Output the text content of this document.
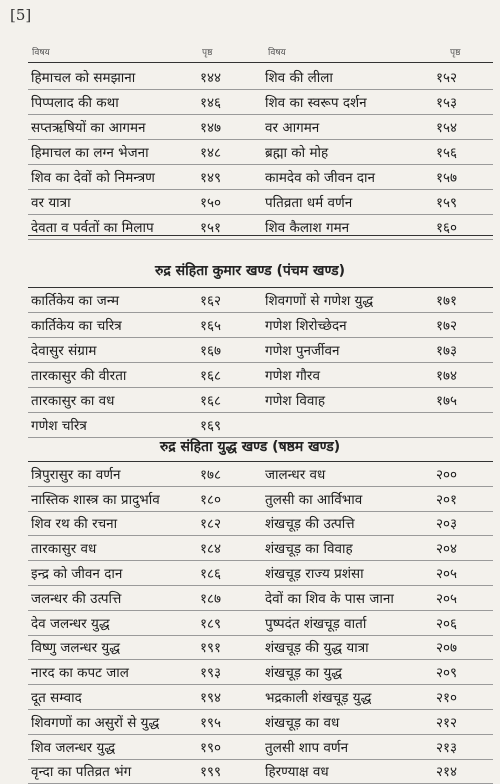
[5]
विषय	पृष्ठ	विषय	पृष्ठ
हिमाचल को समझाना	१४४	शिव की लीला	१५२
पिप्पलाद की कथा	१४६	शिव का स्वरूप दर्शन	१५३
सप्तऋषियों का आगमन	१४७	वर आगमन	१५४
हिमाचल का लग्न भेजना	१४८	ब्रह्मा को मोह	१५६
शिव का देवों को निमन्त्रण	१४९	कामदेव को जीवन दान	१५७
वर यात्रा	१५०	पतिव्रता धर्म वर्णन	१५९
देवता व पर्वतों का मिलाप	१५१	शिव कैलाश गमन	१६०
रुद्र संहिता कुमार खण्ड (पंचम खण्ड)
कार्तिकेय का जन्म	१६२	शिवगणों से गणेश युद्ध	१७१
कार्तिकेय का चरित्र	१६५	गणेश शिरोच्छेदन	१७२
देवासुर संग्राम	१६७	गणेश पुनर्जीवन	१७३
तारकासुर की वीरता	१६८	गणेश गौरव	१७४
तारकासुर का वध	१६८	गणेश विवाह	१७५
गणेश चरित्र	१६९
रुद्र संहिता युद्ध खण्ड (षष्ठम खण्ड)
त्रिपुरासुर का वर्णन	१७८	जालन्धर वध	२००
नास्तिक शास्त्र का प्रादुर्भाव	१८०	तुलसी का आर्विभाव	२०१
शिव रथ की रचना	१८२	शंखचूड़ की उत्पत्ति	२०३
तारकासुर वध	१८४	शंखचूड़ का विवाह	२०४
इन्द्र को जीवन दान	१८६	शंखचूड़ राज्य प्रशंसा	२०५
जलन्धर की उत्पत्ति	१८७	देवों का शिव के पास जाना	२०५
देव जलन्धर युद्ध	१८९	पुष्पदंत शंखचूड़ वार्ता	२०६
विष्णु जलन्धर युद्ध	१९१	शंखचूड़ की युद्ध यात्रा	२०७
नारद का कपट जाल	१९३	शंखचूड़ का युद्ध	२०९
दूत सम्वाद	१९४	भद्रकाली शंखचूड़ युद्ध	२१०
शिवगणों का असुरों से युद्ध	१९५	शंखचूड़ का वध	२१२
शिव जलन्धर युद्ध	१९०	तुलसी शाप वर्णन	२१३
वृन्दा का पतिव्रत भंग	१९९	हिरण्याक्ष वध	२१४
